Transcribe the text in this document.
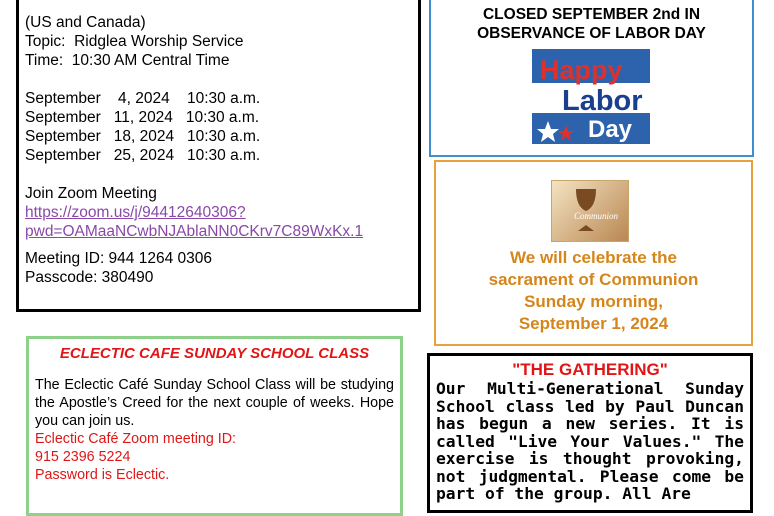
(US and Canada)
Topic:  Ridglea Worship Service
Time:  10:30 AM Central Time
September    4, 2024    10:30 a.m.
September   11, 2024   10:30 a.m.
September   18, 2024   10:30 a.m.
September   25, 2024   10:30 a.m.
Join Zoom Meeting
https://zoom.us/j/94412640306?
pwd=OAMaaNCwbNJAblaNN0CKrv7C89WxKx.1
Meeting ID: 944 1264 0306
Passcode: 380490
CLOSED SEPTEMBER 2nd IN
OBSERVANCE OF LABOR DAY
Happy
Labor
Day
Communion
We will celebrate the
sacrament of Communion
Sunday morning,
September 1, 2024
ECLECTIC CAFE SUNDAY SCHOOL CLASS
The Eclectic Café Sunday School Class will be studying the Apostle’s Creed for the next couple of weeks. Hope you can join us.
Eclectic Café Zoom meeting ID:
915 2396 5224
Password is Eclectic.
"THE GATHERING"
Our Multi-Generational Sunday School class led by Paul Duncan has begun a new series. It is called "Live Your Values." The exercise is thought provoking, not judgmental. Please come be part of the group. All Are
